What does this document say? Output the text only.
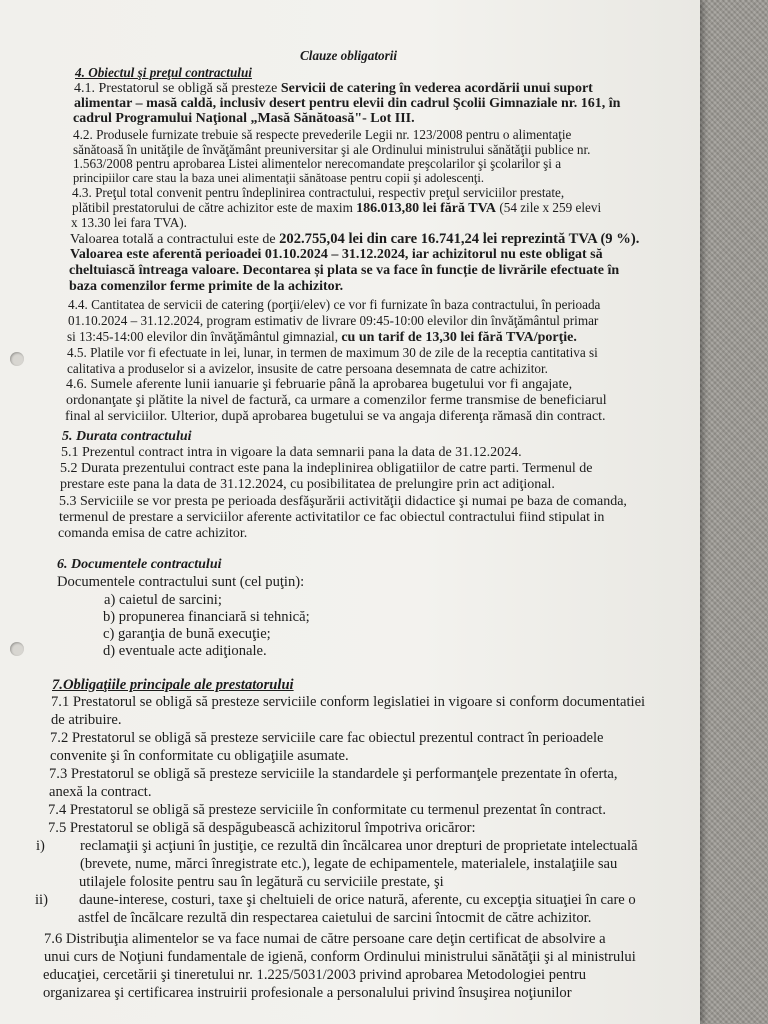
Clauze obligatorii
4. Obiectul şi preţul contractului
4.1. Prestatorul se obligă să presteze Servicii de catering în vederea acordării unui suport
alimentar – masă caldă, inclusiv desert pentru elevii din cadrul Şcolii Gimnaziale nr. 161, în
cadrul Programului Naţional „Masă Sănătoasă"- Lot III.
4.2. Produsele furnizate trebuie să respecte prevederile Legii nr. 123/2008 pentru o alimentaţie
sănătoasă în unităţile de învăţământ preuniversitar şi ale Ordinului ministrului sănătăţii publice nr.
1.563/2008 pentru aprobarea Listei alimentelor nerecomandate preşcolarilor şi şcolarilor şi a
principiilor care stau la baza unei alimentaţii sănătoase pentru copii şi adolescenţi.
4.3. Preţul total convenit pentru îndeplinirea contractului, respectiv preţul serviciilor prestate,
plătibil prestatorului de către achizitor este de maxim 186.013,80 lei fără TVA (54 zile x 259 elevi
x 13.30 lei fara TVA).
Valoarea totală a contractului este de 202.755,04 lei din care 16.741,24 lei reprezintă TVA (9 %).
Valoarea este aferentă perioadei 01.10.2024 – 31.12.2024, iar achizitorul nu este obligat să
cheltuiască întreaga valoare. Decontarea și plata se va face în funcție de livrările efectuate în
baza comenzilor ferme primite de la achizitor.
4.4. Cantitatea de servicii de catering (porţii/elev) ce vor fi furnizate în baza contractului, în perioada
01.10.2024 – 31.12.2024, program estimativ de livrare 09:45-10:00 elevilor din învăţământul primar
si 13:45-14:00 elevilor din învăţământul gimnazial, cu un tarif de 13,30 lei fără TVA/porţie.
4.5. Platile vor fi efectuate in lei, lunar, in termen de maximum 30 de zile de la receptia cantitativa si
calitativa a produselor si a avizelor, insusite de catre persoana desemnata de catre achizitor.
4.6. Sumele aferente lunii ianuarie şi februarie până la aprobarea bugetului vor fi angajate,
ordonanţate şi plătite la nivel de factură, ca urmare a comenzilor ferme transmise de beneficiarul
final al serviciilor. Ulterior, după aprobarea bugetului se va angaja diferenţa rămasă din contract.
5. Durata contractului
5.1 Prezentul contract intra in vigoare la data semnarii pana la data de 31.12.2024.
5.2 Durata prezentului contract este pana la indeplinirea obligatiilor de catre parti. Termenul de
prestare este pana la data de 31.12.2024, cu posibilitatea de prelungire prin act adiţional.
5.3 Serviciile se vor presta pe perioada desfăşurării activităţii didactice şi numai pe baza de comanda,
termenul de prestare a serviciilor aferente activitatilor ce fac obiectul contractului fiind stipulat in
comanda emisa de catre achizitor.
6. Documentele contractului
Documentele contractului sunt (cel puţin):
a) caietul de sarcini;
b) propunerea financiară si tehnică;
c) garanţia de bună execuţie;
d) eventuale acte adiţionale.
7.Obligaţiile principale ale prestatorului
7.1 Prestatorul se obligă să presteze serviciile conform legislatiei in vigoare si conform documentatiei
de atribuire.
7.2 Prestatorul se obligă să presteze serviciile care fac obiectul prezentul contract în perioadele
convenite şi în conformitate cu obligaţiile asumate.
7.3 Prestatorul se obligă să presteze serviciile la standardele şi performanţele prezentate în oferta,
anexă la contract.
7.4 Prestatorul se obligă să presteze serviciile în conformitate cu termenul prezentat în contract.
7.5 Prestatorul se obligă să despăgubească achizitorul împotriva oricăror:
i) reclamaţii şi acţiuni în justiţie, ce rezultă din încălcarea unor drepturi de proprietate intelectuală
(brevete, nume, mărci înregistrate etc.), legate de echipamentele, materialele, instalaţiile sau
utilajele folosite pentru sau în legătură cu serviciile prestate, şi
ii) daune-interese, costuri, taxe şi cheltuieli de orice natură, aferente, cu excepţia situaţiei în care o
astfel de încălcare rezultă din respectarea caietului de sarcini întocmit de către achizitor.
7.6 Distribuţia alimentelor se va face numai de către persoane care deţin certificat de absolvire a
unui curs de Noţiuni fundamentale de igienă, conform Ordinului ministrului sănătăţii şi al ministrului
educaţiei, cercetării şi tineretului nr. 1.225/5031/2003 privind aprobarea Metodologiei pentru
organizarea şi certificarea instruirii profesionale a personalului privind însuşirea noţiunilor
